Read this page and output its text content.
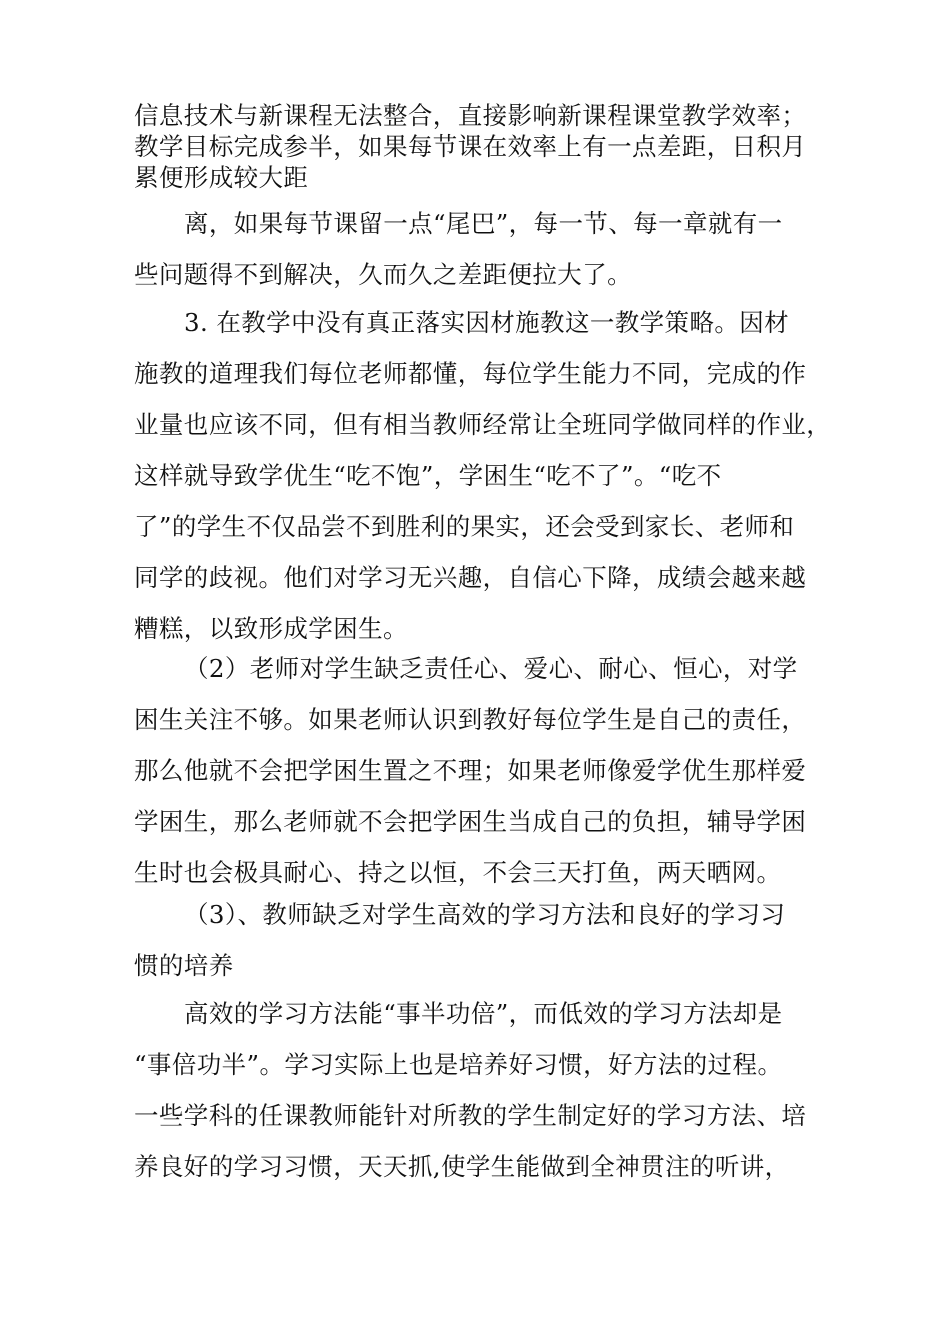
信息技术与新课程无法整合，直接影响新课程课堂教学效率；
教学目标完成参半，如果每节课在效率上有一点差距，日积月
累便形成较大距
离，如果每节课留一点“尾巴”，每一节、每一章就有一
些问题得不到解决，久而久之差距便拉大了。
3. 在教学中没有真正落实因材施教这一教学策略。因材
施教的道理我们每位老师都懂，每位学生能力不同，完成的作
业量也应该不同，但有相当教师经常让全班同学做同样的作业，
这样就导致学优生“吃不饱”，学困生“吃不了”。“吃不
了”的学生不仅品尝不到胜利的果实，还会受到家长、老师和
同学的歧视。他们对学习无兴趣，自信心下降，成绩会越来越
糟糕，以致形成学困生。
（2）老师对学生缺乏责任心、爱心、耐心、恒心，对学
困生关注不够。如果老师认识到教好每位学生是自己的责任，
那么他就不会把学困生置之不理；如果老师像爱学优生那样爱
学困生，那么老师就不会把学困生当成自己的负担，辅导学困
生时也会极具耐心、持之以恒，不会三天打鱼，两天晒网。
（3）、教师缺乏对学生高效的学习方法和良好的学习习
惯的培养
高效的学习方法能“事半功倍”，而低效的学习方法却是
“事倍功半”。学习实际上也是培养好习惯，好方法的过程。
一些学科的任课教师能针对所教的学生制定好的学习方法、培
养良好的学习习惯，天天抓,使学生能做到全神贯注的听讲，
